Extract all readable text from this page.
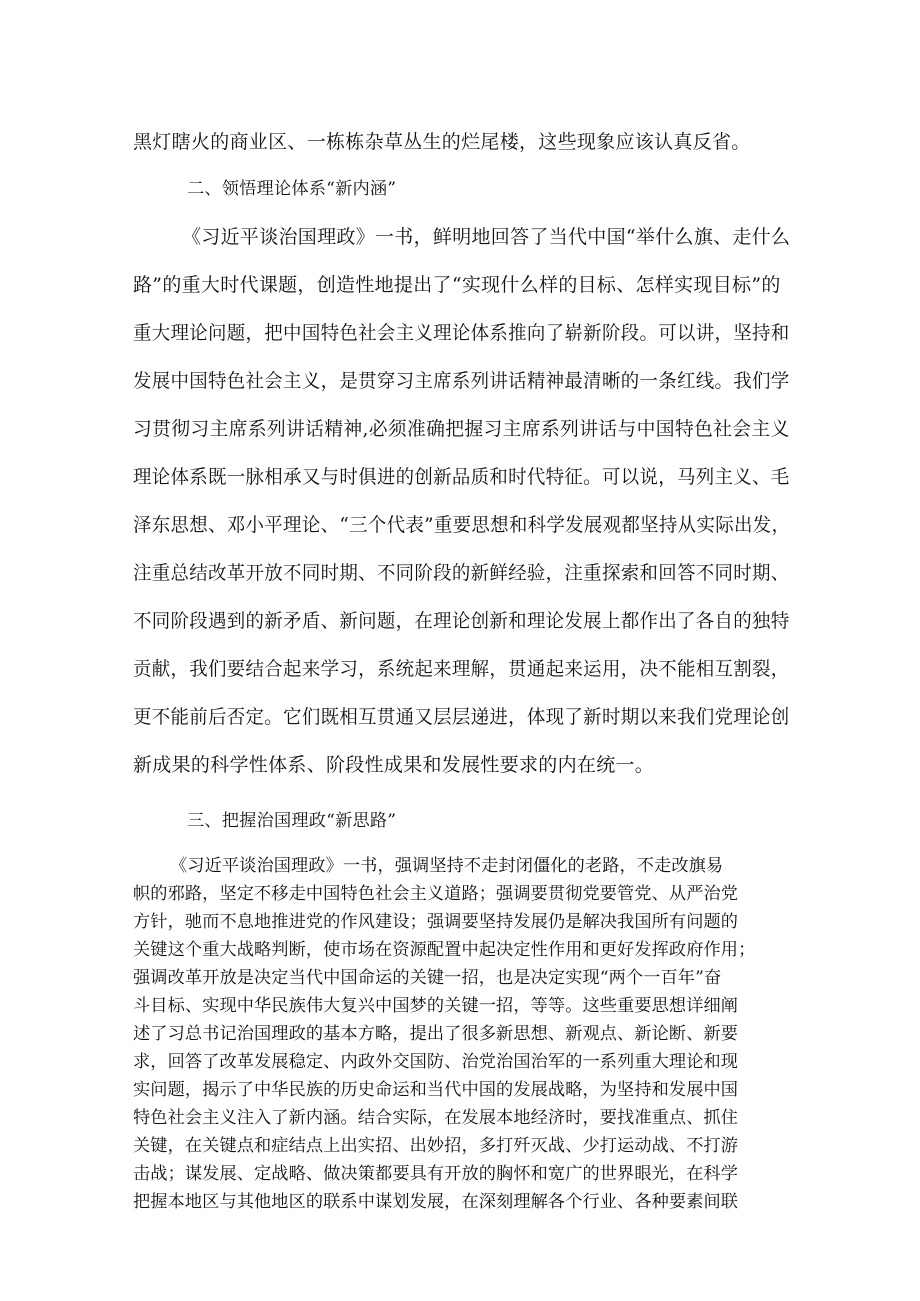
黑灯瞎火的商业区、一栋栋杂草丛生的烂尾楼，这些现象应该认真反省。
二、领悟理论体系“新内涵”
《习近平谈治国理政》一书，鲜明地回答了当代中国“举什么旗、走什么
路”的重大时代课题，创造性地提出了“实现什么样的目标、怎样实现目标”的
重大理论问题，把中国特色社会主义理论体系推向了崭新阶段。可以讲，坚持和
发展中国特色社会主义，是贯穿习主席系列讲话精神最清晰的一条红线。我们学
习贯彻习主席系列讲话精神,必须准确把握习主席系列讲话与中国特色社会主义
理论体系既一脉相承又与时俱进的创新品质和时代特征。可以说，马列主义、毛
泽东思想、邓小平理论、“三个代表”重要思想和科学发展观都坚持从实际出发，
注重总结改革开放不同时期、不同阶段的新鲜经验，注重探索和回答不同时期、
不同阶段遇到的新矛盾、新问题，在理论创新和理论发展上都作出了各自的独特
贡献，我们要结合起来学习，系统起来理解，贯通起来运用，决不能相互割裂，
更不能前后否定。它们既相互贯通又层层递进，体现了新时期以来我们党理论创
新成果的科学性体系、阶段性成果和发展性要求的内在统一。
三、把握治国理政“新思路”
《习近平谈治国理政》一书，强调坚持不走封闭僵化的老路，不走改旗易
帜的邪路，坚定不移走中国特色社会主义道路；强调要贯彻党要管党、从严治党
方针，驰而不息地推进党的作风建设；强调要坚持发展仍是解决我国所有问题的
关键这个重大战略判断，使市场在资源配置中起决定性作用和更好发挥政府作用；
强调改革开放是决定当代中国命运的关键一招，也是决定实现“两个一百年”奋
斗目标、实现中华民族伟大复兴中国梦的关键一招，等等。这些重要思想详细阐
述了习总书记治国理政的基本方略，提出了很多新思想、新观点、新论断、新要
求，回答了改革发展稳定、内政外交国防、治党治国治军的一系列重大理论和现
实问题，揭示了中华民族的历史命运和当代中国的发展战略，为坚持和发展中国
特色社会主义注入了新内涵。结合实际，在发展本地经济时，要找准重点、抓住
关键，在关键点和症结点上出实招、出妙招，多打歼灭战、少打运动战、不打游
击战；谋发展、定战略、做决策都要具有开放的胸怀和宽广的世界眼光，在科学
把握本地区与其他地区的联系中谋划发展，在深刻理解各个行业、各种要素间联
